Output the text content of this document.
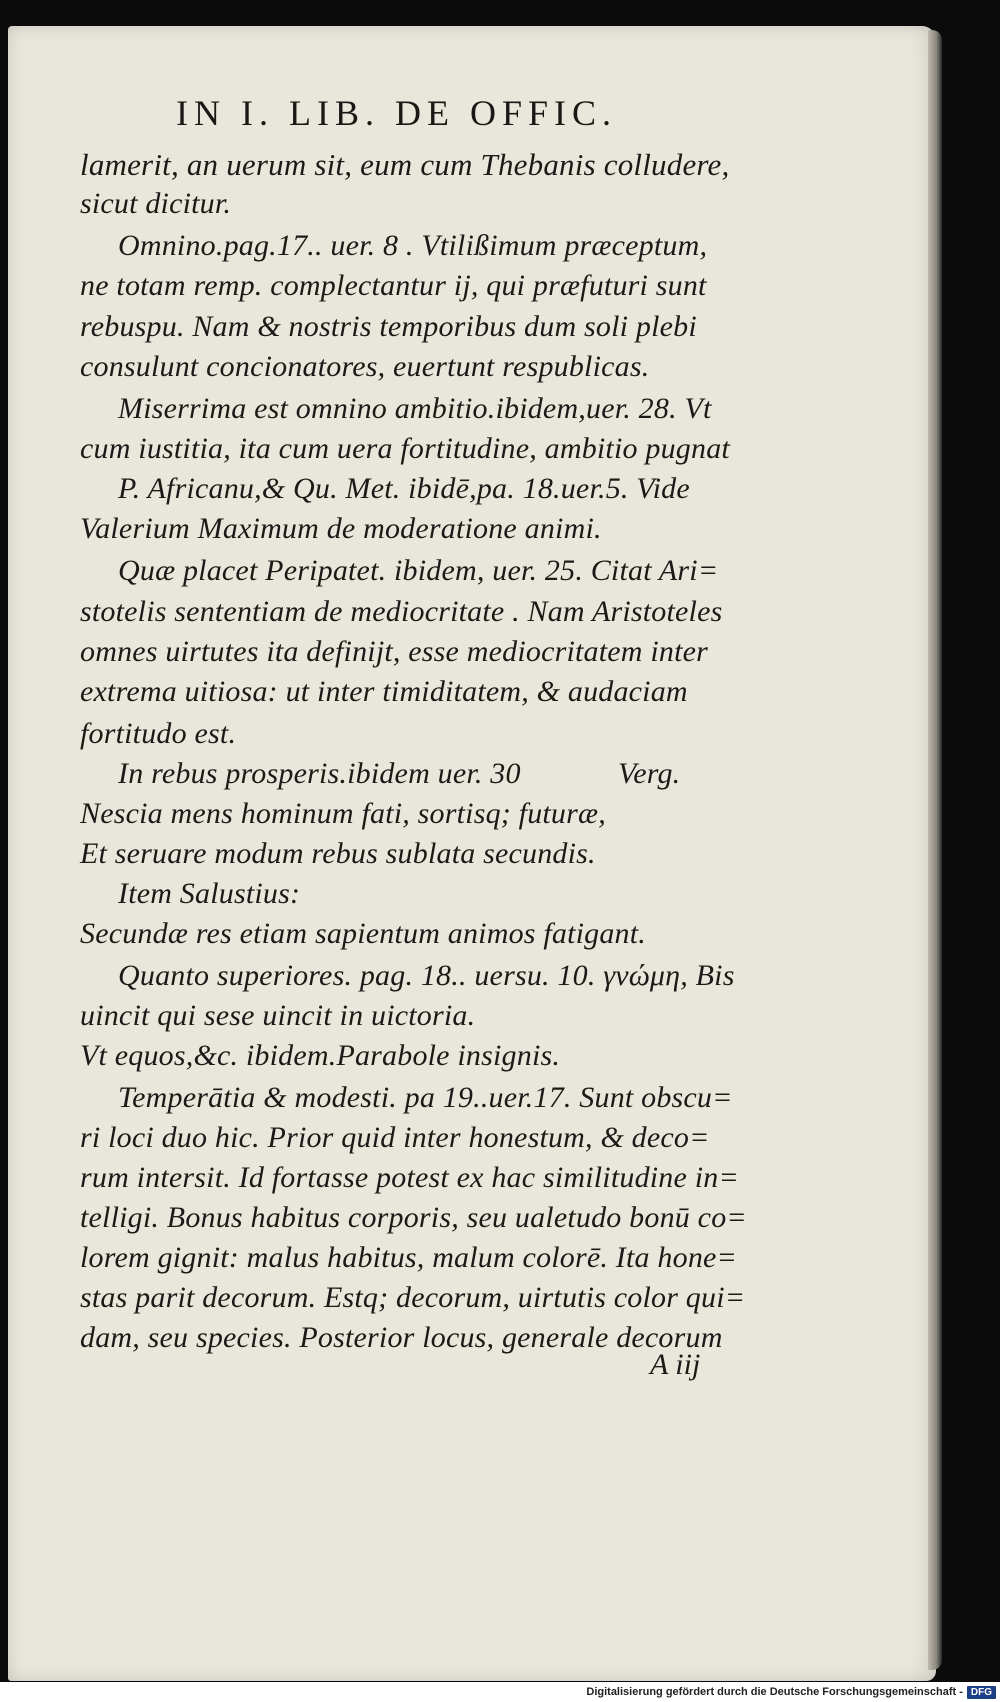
IN I. LIB. DE OFFIC.
lamerit, an uerum sit, eum cum Thebanis colludere,
sicut dicitur.
Omnino.pag.17.. uer. 8 . Vtilißimum præceptum,
ne totam remp. complectantur ij, qui præfuturi sunt
rebuspu. Nam & nostris temporibus dum soli plebi
consulunt concionatores, euertunt respublicas.
Miserrima est omnino ambitio.ibidem,uer. 28. Vt
cum iustitia, ita cum uera fortitudine, ambitio pugnat
P. Africanu,& Qu. Met. ibidē,pa. 18.uer.5. Vide
Valerium Maximum de moderatione animi.
Quæ placet Peripatet. ibidem, uer. 25. Citat Ari=
stotelis sententiam de mediocritate . Nam Aristoteles
omnes uirtutes ita definijt, esse mediocritatem inter
extrema uitiosa: ut inter timiditatem, & audaciam
fortitudo est.
In rebus prosperis.ibidem uer. 30	Verg.
Nescia mens hominum fati, sortisq; futuræ,
Et seruare modum rebus sublata secundis.
Item Salustius:
Secundæ res etiam sapientum animos fatigant.
Quanto superiores. pag. 18.. uersu. 10. γνώμη, Bis
uincit qui sese uincit in uictoria.
Vt equos,&c. ibidem.Parabole insignis.
Temperātia & modesti. pa 19..uer.17. Sunt obscu=
ri loci duo hic. Prior quid inter honestum, & deco=
rum intersit. Id fortasse potest ex hac similitudine in=
telligi. Bonus habitus corporis, seu ualetudo bonū co=
lorem gignit: malus habitus, malum colorē. Ita hone=
stas parit decorum. Estq; decorum, uirtutis color qui=
dam, seu species. Posterior locus, generale decorum
A iij
Digitalisierung gefördert durch die Deutsche Forschungsgemeinschaft - DFG
